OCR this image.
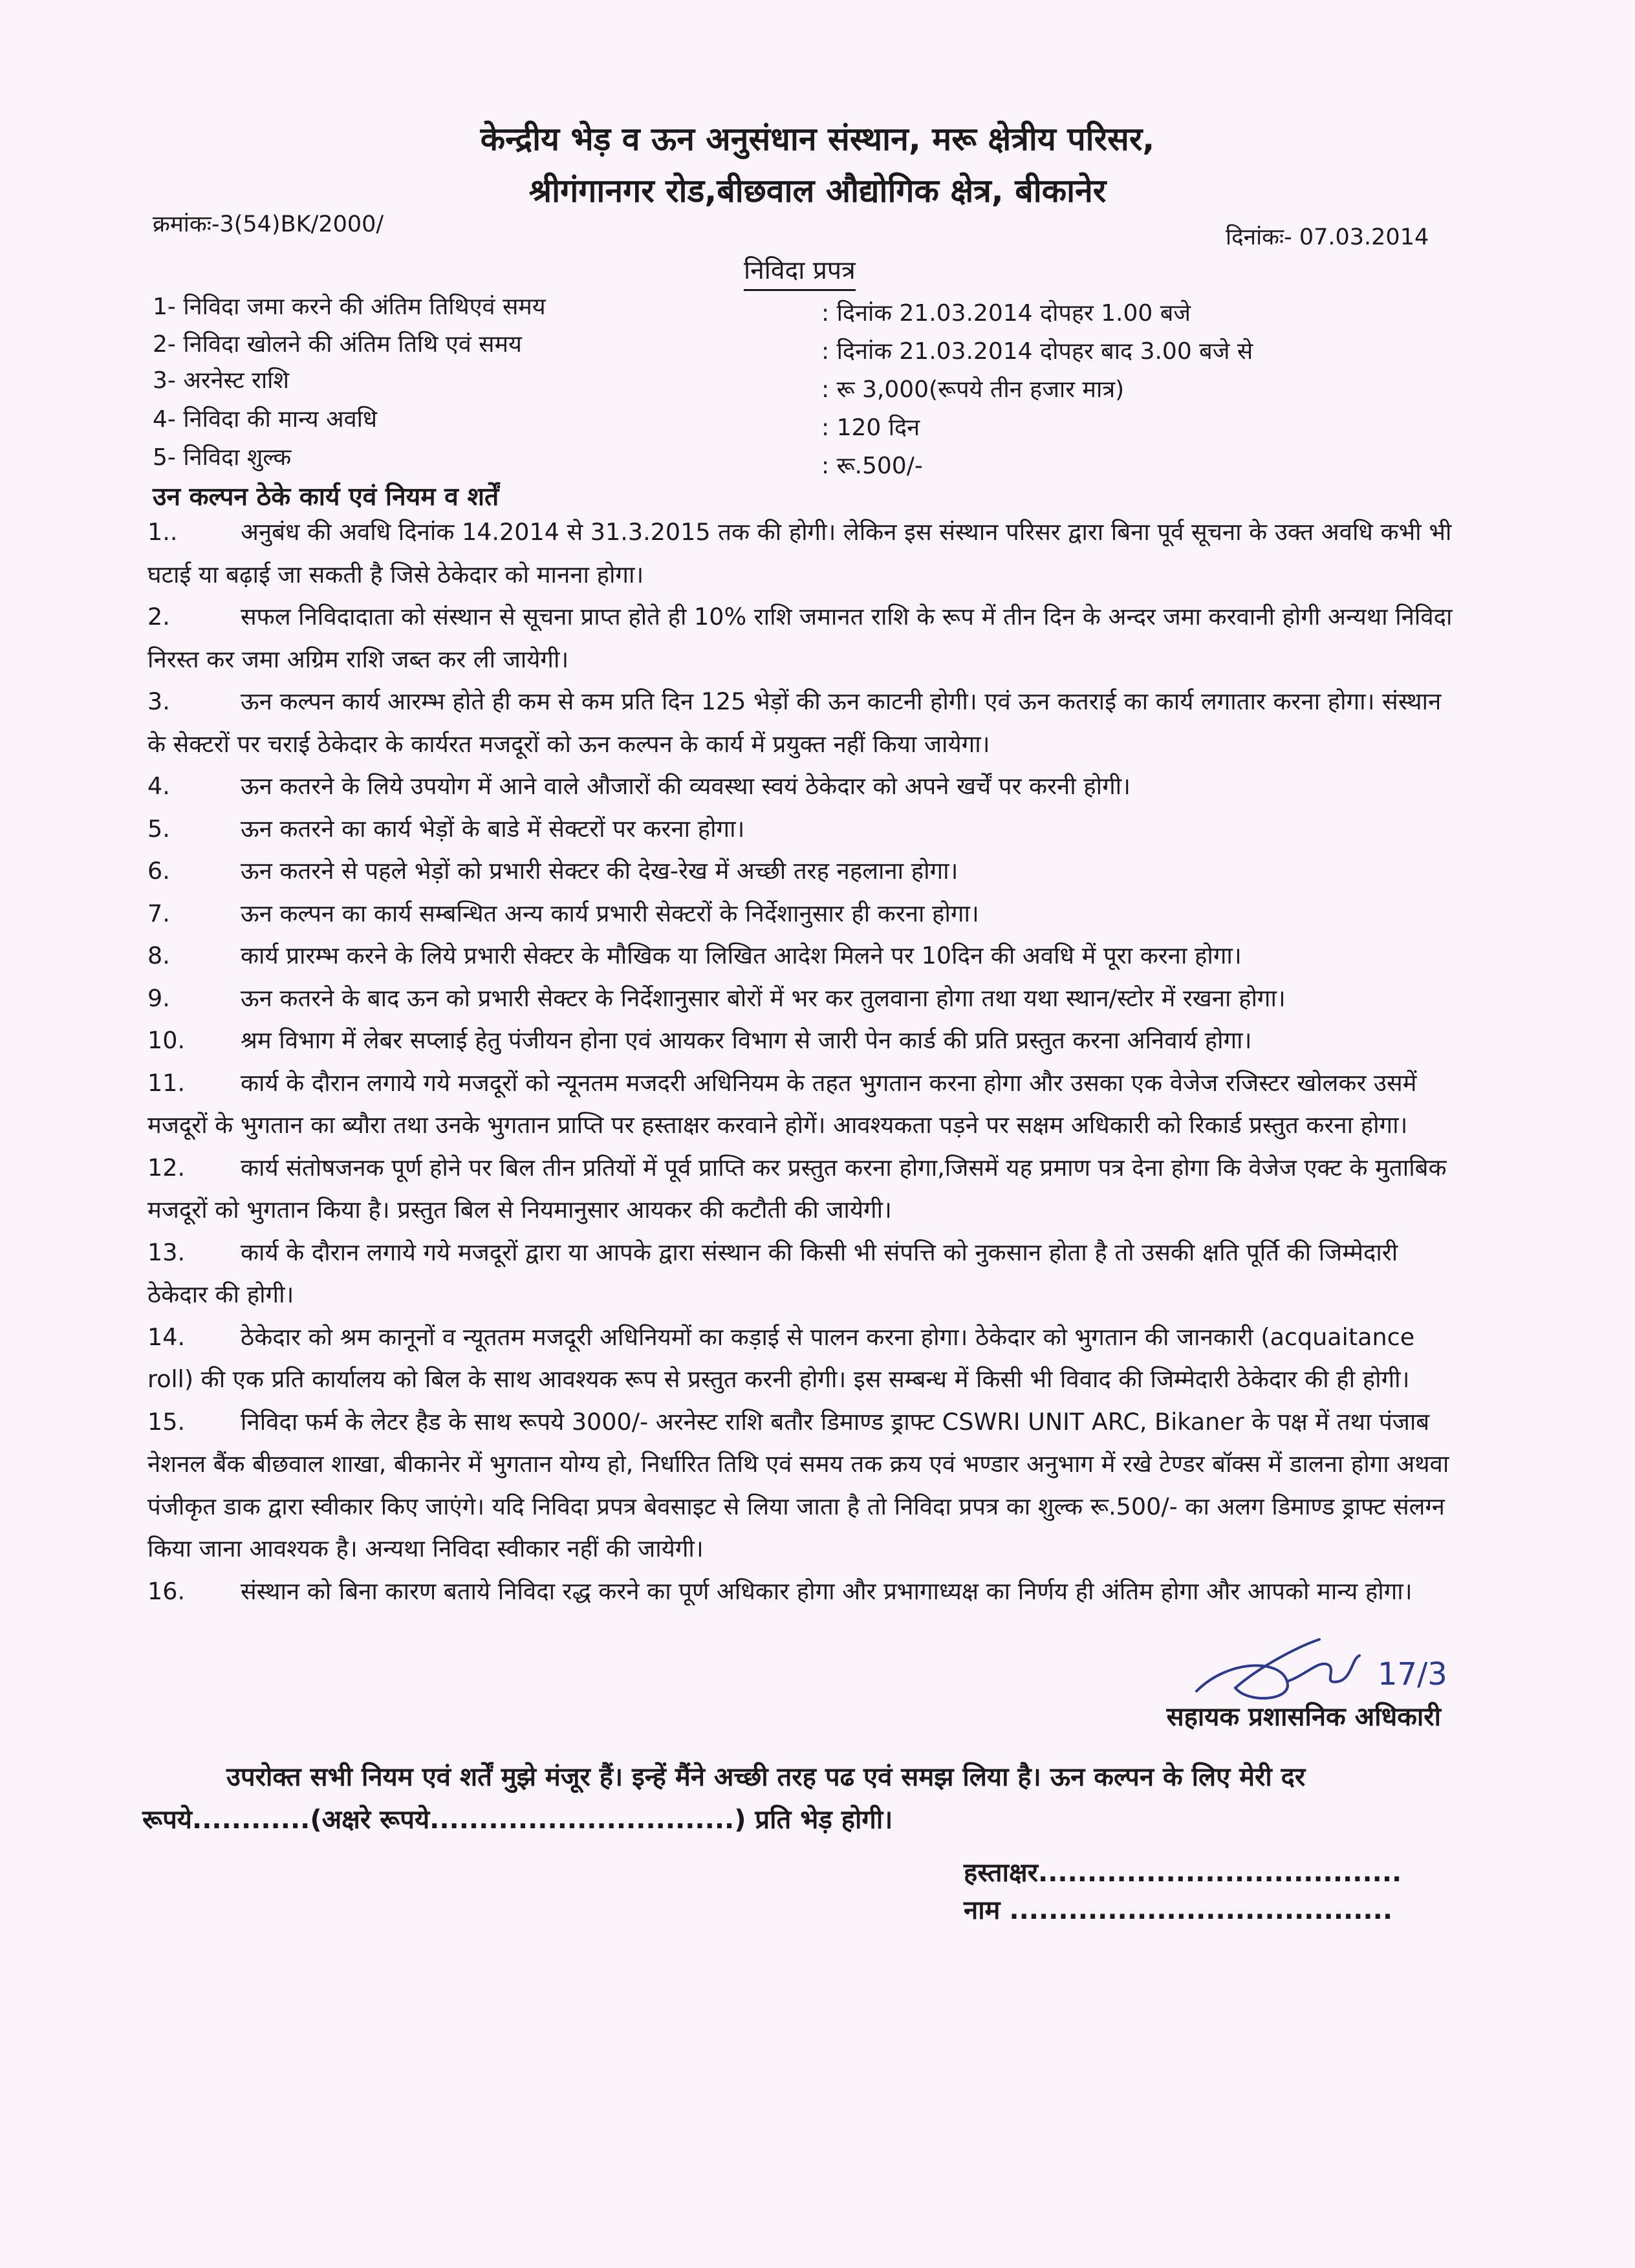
केन्द्रीय भेड़ व ऊन अनुसंधान संस्थान, मरू क्षेत्रीय परिसर,
श्रीगंगानगर रोड,बीछवाल औद्योगिक क्षेत्र, बीकानेर
क्रमांकः-3(54)BK/2000/	दिनांकः- 07.03.2014
निविदा प्रपत्र
1- निविदा जमा करने की अंतिम तिथिएवं समय	: दिनांक 21.03.2014 दोपहर 1.00 बजे
2- निविदा खोलने की अंतिम तिथि एवं समय	: दिनांक 21.03.2014 दोपहर बाद 3.00 बजे से
3- अरनेस्ट राशि	: रू 3,000(रूपये तीन हजार मात्र)
4- निविदा की मान्य अवधि	: 120 दिन
5- निविदा शुल्क	: रू.500/-
उन कल्पन ठेके कार्य एवं नियम व शर्तें
1..	अनुबंध की अवधि दिनांक 14.2014 से 31.3.2015 तक की होगी। लेकिन इस संस्थान परिसर द्वारा बिना पूर्व सूचना के उक्त अवधि कभी भी घटाई या बढ़ाई जा सकती है जिसे ठेकेदार को मानना होगा।
2.	सफल निविदादाता को संस्थान से सूचना प्राप्त होते ही 10% राशि जमानत राशि के रूप में तीन दिन के अन्दर जमा करवानी होगी अन्यथा निविदा निरस्त कर जमा अग्रिम राशि जब्त कर ली जायेगी।
3.	ऊन कल्पन कार्य आरम्भ होते ही कम से कम प्रति दिन 125 भेड़ों की ऊन काटनी होगी। एवं ऊन कतराई का कार्य लगातार करना होगा। संस्थान के सेक्टरों पर चराई ठेकेदार के कार्यरत मजदूरों को ऊन कल्पन के कार्य में प्रयुक्त नहीं किया जायेगा।
4.	ऊन कतरने के लिये उपयोग में आने वाले औजारों की व्यवस्था स्वयं ठेकेदार को अपने खर्चें पर करनी होगी।
5.	ऊन कतरने का कार्य भेड़ों के बाडे में सेक्टरों पर करना होगा।
6.	ऊन कतरने से पहले भेड़ों को प्रभारी सेक्टर की देख-रेख में अच्छी तरह नहलाना होगा।
7.	ऊन कल्पन का कार्य सम्बन्धित अन्य कार्य प्रभारी सेक्टरों के निर्देशानुसार ही करना होगा।
8.	कार्य प्रारम्भ करने के लिये प्रभारी सेक्टर के मौखिक या लिखित आदेश मिलने पर 10दिन की अवधि में पूरा करना होगा।
9.	ऊन कतरने के बाद ऊन को प्रभारी सेक्टर के निर्देशानुसार बोरों में भर कर तुलवाना होगा तथा यथा स्थान/स्टोर में रखना होगा।
10. श्रम विभाग में लेबर सप्लाई हेतु पंजीयन होना एवं आयकर विभाग से जारी पेन कार्ड की प्रति प्रस्तुत करना अनिवार्य होगा।
11. कार्य के दौरान लगाये गये मजदूरों को न्यूनतम मजदरी अधिनियम के तहत भुगतान करना होगा और उसका एक वेजेज रजिस्टर खोलकर उसमें मजदूरों के भुगतान का ब्यौरा तथा उनके भुगतान प्राप्ति पर हस्ताक्षर करवाने होगें। आवश्यकता पड़ने पर सक्षम अधिकारी को रिकार्ड प्रस्तुत करना होगा।
12. कार्य संतोषजनक पूर्ण होने पर बिल तीन प्रतियों में पूर्व प्राप्ति कर प्रस्तुत करना होगा,जिसमें यह प्रमाण पत्र देना होगा कि वेजेज एक्ट के मुताबिक मजदूरों को भुगतान किया है। प्रस्तुत बिल से नियमानुसार आयकर की कटौती की जायेगी।
13. कार्य के दौरान लगाये गये मजदूरों द्वारा या आपके द्वारा संस्थान की किसी भी संपत्ति को नुकसान होता है तो उसकी क्षति पूर्ति की जिम्मेदारी ठेकेदार की होगी।
14. ठेकेदार को श्रम कानूनों व न्यूततम मजदूरी अधिनियमों का कड़ाई से पालन करना होगा। ठेकेदार को भुगतान की जानकारी (acquaitance roll) की एक प्रति कार्यालय को बिल के साथ आवश्यक रूप से प्रस्तुत करनी होगी। इस सम्बन्ध में किसी भी विवाद की जिम्मेदारी ठेकेदार की ही होगी।
15. निविदा फर्म के लेटर हैड के साथ रूपये 3000/- अरनेस्ट राशि बतौर डिमाण्ड ड्राफ्ट CSWRI UNIT ARC, Bikaner के पक्ष में तथा पंजाब नेशनल बैंक बीछवाल शाखा, बीकानेर में भुगतान योग्य हो, निर्धारित तिथि एवं समय तक क्रय एवं भण्डार अनुभाग में रखे टेण्डर बॉक्स में डालना होगा अथवा पंजीकृत डाक द्वारा स्वीकार किए जाएंगे। यदि निविदा प्रपत्र बेवसाइट से लिया जाता है तो निविदा प्रपत्र का शुल्क रू.500/- का अलग डिमाण्ड ड्राफ्ट संलग्न किया जाना आवश्यक है। अन्यथा निविदा स्वीकार नहीं की जायेगी।
16. संस्थान को बिना कारण बताये निविदा रद्ध करने का पूर्ण अधिकार होगा और प्रभागाध्यक्ष का निर्णय ही अंतिम होगा और आपको मान्य होगा।
17/3
सहायक प्रशासनिक अधिकारी
उपरोक्त सभी नियम एवं शर्तें मुझे मंजूर हैं। इन्हें मैंने अच्छी तरह पढ एवं समझ लिया है। ऊन कल्पन के लिए मेरी दर रूपये............(अक्षरे रूपये...............................) प्रति भेड़ होगी।
हस्ताक्षर.....................................
नाम .......................................
